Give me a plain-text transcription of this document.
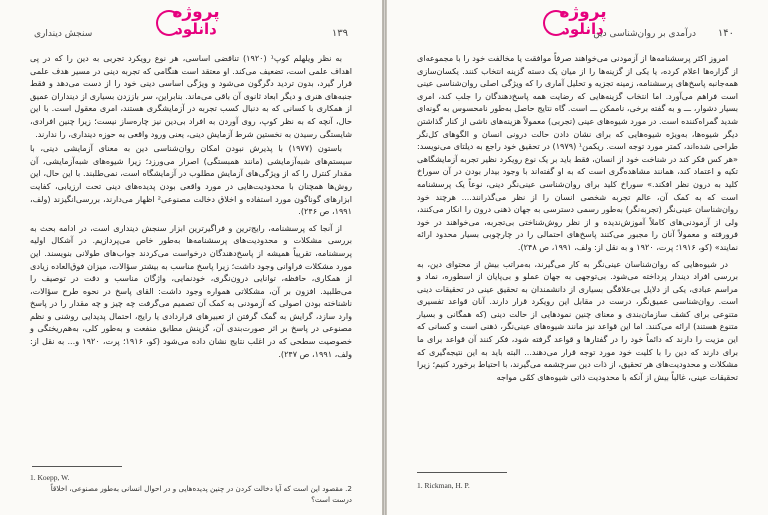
پروژه
دانلود	۱۳۹
سنجش دینداری

به نظر ویلهلم کوپ¹ (۱۹۲۰) تناقضی اساسی، هر نوع رویکرد تجربی به دین را که در پی اهداف علمی است، تضعیف می‌کند. او معتقد است هنگامی که تجربه دینی در مسیر هدف علمی قرار گیرد، بدون تردید دگرگون می‌شود و ویژگی اساسی دینی خود را از دست می‌دهد و فقط جنبه‌های هنری و دیگر ابعاد ثانوی آن باقی می‌ماند. بنابراین، سر باززدن بسیاری از دینداران عمیق از همکاری با کسانی که به دنبال کسب تجربه در آزمایشگری هستند، امری معقول است. با این حال، آنچه که به نظر کوپ، روی آوردن به افراد بی‌دین نیز چاره‌ساز نیست؛ زیرا چنین افرادی، شایستگی رسیدن به نخستین شرط آزمایش دینی، یعنی ورود واقعی به حوزه دینداری، را ندارند.

باستون (۱۹۷۷) با پذیرش نبودن امکان روان‌شناسی دین به معنای آزمایشی دینی، با سیستم‌های شبه‌آزمایشی (مانند همبستگی) اصرار می‌ورزد؛ زیرا شیوه‌های شبه‌آزمایشی، آن مقدار کنترل را که از ویژگی‌های آزمایش مطلوب در آزمایشگاه است، نمی‌طلبند. با این حال، این روش‌ها همچنان با محدودیت‌هایی در مورد واقعی بودن پدیده‌های دینی تحت ارزیابی، کفایت ابزارهای گوناگون مورد استفاده و اخلاق دخالت مصنوعی² اظهار می‌دارند، بررسی‌انگیزند (ولف، ۱۹۹۱، ص ۲۴۶).

از آنجا که پرسشنامه، رایج‌ترین و فراگیرترین ابزار سنجش دینداری است، در ادامه بحث به بررسی مشکلات و محدودیت‌های پرسشنامه‌ها به‌طور خاص می‌پردازیم. در آشکال اولیه پرسشنامه، تقریباً همیشه از پاسخ‌دهندگان درخواست می‌کردند جواب‌های طولانی بنویسند. این مورد مشکلات فراوانی وجود داشت؛ زیرا پاسخ مناسب به بیشتر سؤالات، میزان فوق‌العاده زیادی از همکاری، حافظه، توانایی درون‌نگری، خودنمایی، واژگان مناسب و دقت در توصیف را می‌طلبید. افزون بر آن، مشکلاتی همواره وجود داشت: القای پاسخ در نحوه طرح سؤالات، ناشناخته بودن اصولی که آزمودنی به کمک آن تصمیم می‌گرفت چه چیز و چه مقدار را در پاسخ وارد سازد، گرایش به گمک گرفتن از تعبیرهای قراردادی یا رایج، احتمال پدیدایی روشنی و نظم مصنوعی در پاسخ بر اثر صورت‌بندی آن، گزینش مطابق منفعت و به‌طور کلی، به‌هم‌ریختگی و خصوصیت سطحی که در اغلب نتایج نشان داده می‌شود (کو، ۱۹۱۶؛ پرت، ۱۹۲۰ و... به نقل از: ولف، ۱۹۹۱، ص ۲۴۷).

1. Koepp, W.
2. مقصود این است که آیا دخالت کردن در چنین پدیده‌هایی و در احوال انسانی به‌طور مصنوعی، اخلاقاً درست است؟
پروژه
دانلود	۱۴۰
درآمدی بر روان‌شناسی دین

امروز اکثر پرسشنامه‌ها از آزمودنی می‌خواهند صرفاً موافقت یا مخالفت خود را با مجموعه‌ای از گزاره‌ها اعلام کرده، یا یکی از گزینه‌ها را از میان یک دسته گزینه انتخاب کنند. یکسان‌سازی همه‌جانبه پاسخ‌های پرسشنامه، زمینه تجزیه و تحلیل آماری را که ویژگی اصلی روان‌شناسی عینی است فراهم می‌آورد. اما انتخاب گزینه‌هایی که رضایت همه پاسخ‌دهندگان را جلب کند، امری بسیار دشوار، ـــ و به گفته برخی، ناممکن ـــ است. گاه نتایج حاصل به‌طور نامحسوس به گونه‌ای شدید گمراه‌کننده است. در مورد شیوه‌های عینی (تجربی) معمولاً هزینه‌های ناشی از کنار گذاشتن دیگر شیوه‌ها، به‌ویژه شیوه‌هایی که برای نشان دادن حالت درونی انسان و الگوهای کل‌نگر طراحی شده‌اند، کمتر مورد توجه است. ریکمن¹ (۱۹۷۹) در تحقیق خود راجع به دیلتای می‌نویسد: «هر کس فکر کند در شناخت خود از انسان، فقط باید بر یک نوع رویکرد نظیر تجربه آزمایشگاهی تکیه و اعتماد کند، همانند مشاهده‌گری است که به او گفته‌اند با وجود بیدار بودن در آن سوراخ کلید به درون نظر افکند.» سوراخ کلید برای روان‌شناسی عینی‌نگر دینی، نوعاً یک پرسشنامه است که به کمک آن، عالم تجربه شخصی انسان را از نظر می‌گذرانند.... هرچند خود روان‌شناسان عینی‌نگر (تجربه‌نگر) به‌طور رسمی دسترسی به جهان ذهنی درون را انکار می‌کنند، ولی از آزمودنی‌های کاملاً آموزش‌ندیده و از نظر روش‌شناختی بی‌تجربه، می‌خواهند در خود فرورفته و معمولاً آنان را مجبور می‌کنند پاسخ‌های احتمالی را در چارچوبی بسیار محدود ارائه نمایند» (کو، ۱۹۱۶؛ پرت، ۱۹۲۰ و به نقل از: ولف، ۱۹۹۱، ص ۲۴۸).

در شیوه‌هایی که روان‌شناسان عینی‌نگر به کار می‌گیرند، به‌مراتب بیش از محتوای دین، به بررسی افراد دیندار پرداخته می‌شود. بی‌توجهی به جهان عملو و بی‌پایان از اسطوره، نماد و مراسم عبادی، یکی از دلایل بی‌علاقگی بسیاری از دانشمندان به تحقیق عینی در تحقیقات دینی است. روان‌شناسی عمیق‌نگر، درست در مقابل این رویکرد قرار دارند. آنان قواعد تفسیری متنوعی برای کشف سازمان‌بندی و معنای چنین نمودهایی از حالت دینی (که همگانی و بسیار متنوع هستند) ارائه می‌کنند. اما این قواعد نیز مانند شیوه‌های عینی‌نگر، ذهنی است و کسانی که این مزیت را دارند که دائماً خود را در گفتارها و قواعد گرفته شود، فکر کنند آن قواعد برای ما برای دارند که دین را با کلیت خود مورد توجه قرار می‌دهند... البته باید به این نتیجه‌گیری که مشکلات و محدودیت‌های هر تحقیق، از ذات دین سرچشمه می‌گیرند، با احتیاط برخورد کنیم؛ زیرا تحقیقات عینی، غالباً بیش از آنکه با محدودیت ذاتی شیوه‌های کمّی مواجه

1. Rickman, H. P.
